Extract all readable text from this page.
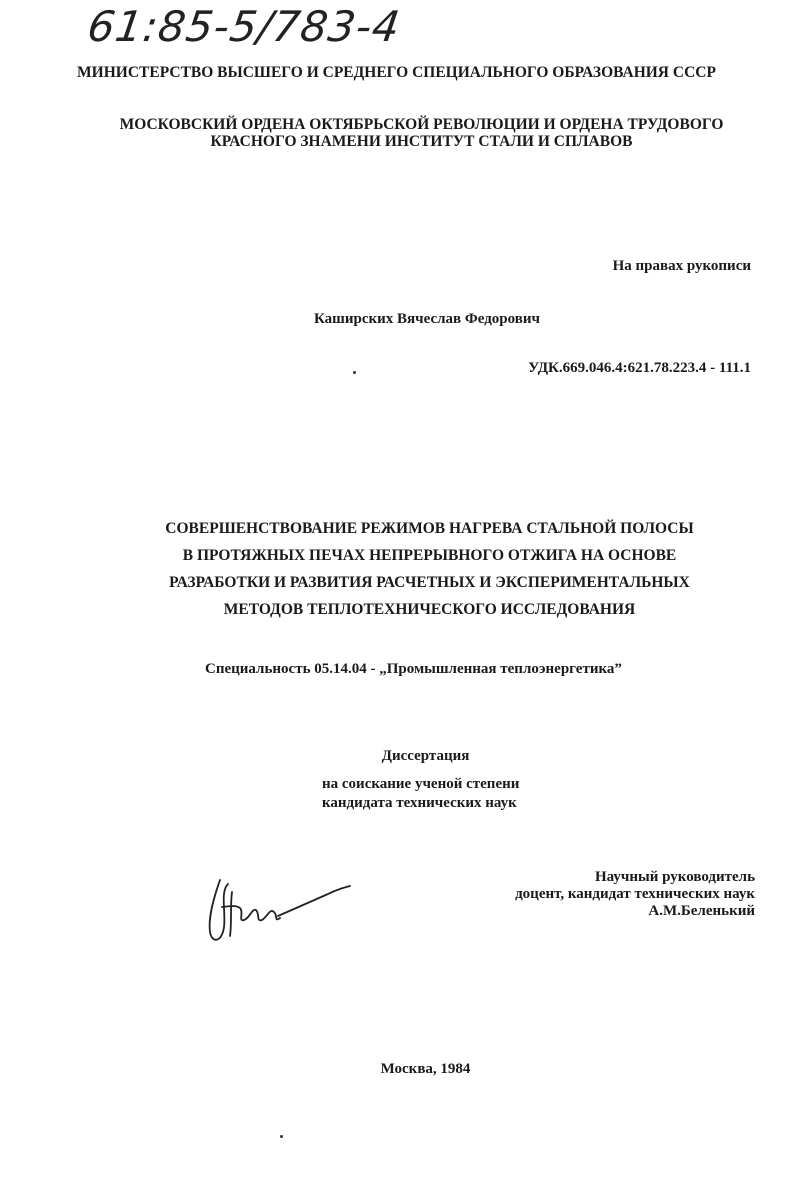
61:85-5/783-4
МИНИСТЕРСТВО ВЫСШЕГО И СРЕДНЕГО СПЕЦИАЛЬНОГО ОБРАЗОВАНИЯ СССР
МОСКОВСКИЙ ОРДЕНА ОКТЯБРЬСКОЙ РЕВОЛЮЦИИ И ОРДЕНА ТРУДОВОГО
КРАСНОГО ЗНАМЕНИ ИНСТИТУТ СТАЛИ И СПЛАВОВ
На правах рукописи
Каширских Вячеслав Федорович
УДК.669.046.4:621.78.223.4 - 111.1
СОВЕРШЕНСТВОВАНИЕ РЕЖИМОВ НАГРЕВА СТАЛЬНОЙ ПОЛОСЫ
В ПРОТЯЖНЫХ ПЕЧАХ НЕПРЕРЫВНОГО ОТЖИГА НА ОСНОВЕ
РАЗРАБОТКИ И РАЗВИТИЯ РАСЧЕТНЫХ И ЭКСПЕРИМЕНТАЛЬНЫХ
МЕТОДОВ ТЕПЛОТЕХНИЧЕСКОГО ИССЛЕДОВАНИЯ
Специальность 05.14.04 - „Промышленная теплоэнергетика”
Диссертация
на соискание ученой степени
кандидата технических наук
Научный руководитель
доцент, кандидат технических наук
А.М.Беленький
Москва, 1984
